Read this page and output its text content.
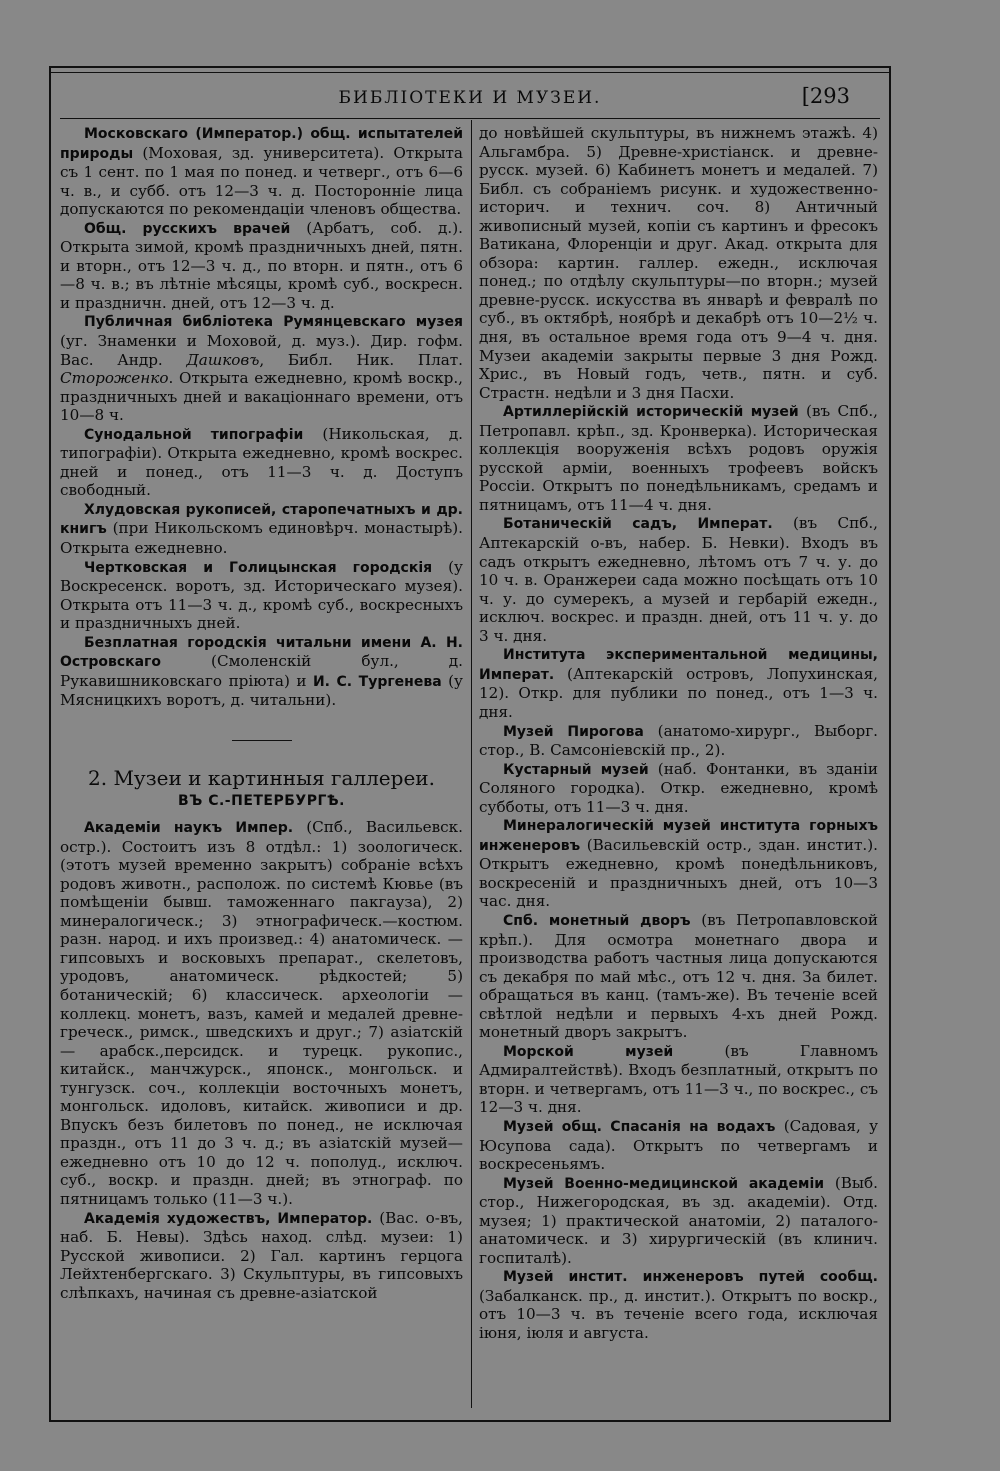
БИБЛІОТЕКИ И МУЗЕИ.	[293

Московскаго (Император.) общ. испытателей природы (Моховая, зд. университета). Открыта съ 1 сент. по 1 мая по понед. и четверг., отъ 6—6 ч. в., и субб. отъ 12—3 ч. д. Посторонніе лица допускаются по рекомендаціи членовъ общества.

Общ. русскихъ врачей (Арбатъ, соб. д.). Открыта зимой, кромѣ праздничныхъ дней, пятн. и вторн., отъ 12—3 ч. д., по вторн. и пятн., отъ 6—8 ч. в.; въ лѣтніе мѣсяцы, кромѣ суб., воскресн. и праздничн. дней, отъ 12—3 ч. д.

Публичная библіотека Румянцевскаго музея (уг. Знаменки и Моховой, д. муз.). Дир. гофм. Вас. Андр. Дашковъ, Библ. Ник. Плат. Стороженко. Открыта ежедневно, кромѣ воскр., праздничныхъ дней и вакаціоннаго времени, отъ 10—8 ч.

Сунодальной типографіи (Никольская, д. типографіи). Открыта ежедневно, кромѣ воскрес. дней и понед., отъ 11—3 ч. д. Доступъ свободный.

Хлудовская рукописей, старопечатныхъ и др. книгъ (при Никольскомъ единовѣрч. монастырѣ). Открыта ежедневно.

Чертковская и Голицынская городскія (у Воскресенск. воротъ, зд. Историческаго музея). Открыта отъ 11—3 ч. д., кромѣ суб., воскресныхъ и праздничныхъ дней.

Безплатная городскія читальни имени А. Н. Островскаго (Смоленскій бул., д. Рукавишниковскаго пріюта) и И. С. Тургенева (у Мясницкихъ воротъ, д. читальни).

2. Музеи и картинныя галлереи.

ВЪ С.-ПЕТЕРБУРГѢ.

Академіи наукъ Импер. (Спб., Васильевск. остр.). Состоитъ изъ 8 отдѣл.: 1) зоологическ. (этотъ музей временно закрытъ) собраніе всѣхъ родовъ животн., располож. по системѣ Кювье (въ помѣщеніи бывш. таможеннаго пакгауза), 2) минералогическ.; 3) этнографическ.—костюм. разн. народ. и ихъ произвед.: 4) анатомическ. — гипсовыхъ и восковыхъ препарат., скелетовъ, уродовъ, анатомическ. рѣдкостей; 5) ботаническій; 6) классическ. археологіи — коллекц. монетъ, вазъ, камей и медалей древне-греческ., римск., шведскихъ и друг.; 7) азіатскій— арабск.,персидск. и турецк. рукопис., китайск., манчжурск., японск., монгольск. и тунгузск. соч., коллекціи восточныхъ монетъ, монгольск. идоловъ, китайск. живописи и др. Впускъ безъ билетовъ по понед., не исключая праздн., отъ 11 до 3 ч. д.; въ азіатскій музей—ежедневно отъ 10 до 12 ч. пополуд., исключ. суб., воскр. и праздн. дней; въ этнограф. по пятницамъ только (11—3 ч.).

Академія художествъ, Император. (Вас. о-въ, наб. Б. Невы). Здѣсь наход. слѣд. музеи: 1) Русской живописи. 2) Гал. картинъ герцога Лейхтенбергскаго. 3) Скульптуры, въ гипсовыхъ слѣпкахъ, начиная съ древне-азіатской

до новѣйшей скульптуры, въ нижнемъ этажѣ. 4) Альгамбра. 5) Древне-христіанск. и древне-русск. музей. 6) Кабинетъ монетъ и медалей. 7) Библ. съ собраніемъ рисунк. и художественно-историч. и технич. соч. 8) Античный живописный музей, копіи съ картинъ и фресокъ Ватикана, Флоренціи и друг. Акад. открыта для обзора: картин. галлер. ежедн., исключая понед.; по отдѣлу скульптуры—по вторн.; музей древне-русск. искусства въ январѣ и февралѣ по суб., въ октябрѣ, ноябрѣ и декабрѣ отъ 10—2½ ч. дня, въ остальное время года отъ 9—4 ч. дня. Музеи академіи закрыты первые 3 дня Рожд. Хрис., въ Новый годъ, четв., пятн. и суб. Страстн. недѣли и 3 дня Пасхи.

Артиллерійскій историческій музей (въ Спб., Петропавл. крѣп., зд. Кронверка). Историческая коллекція вооруженія всѣхъ родовъ оружія русской арміи, военныхъ трофеевъ войскъ Россіи. Открытъ по понедѣльникамъ, средамъ и пятницамъ, отъ 11—4 ч. дня.

Ботаническій садъ, Императ. (въ Спб., Аптекарскій о-въ, набер. Б. Невки). Входъ въ садъ открытъ ежедневно, лѣтомъ отъ 7 ч. у. до 10 ч. в. Оранжереи сада можно посѣщать отъ 10 ч. у. до сумерекъ, а музей и гербарій ежедн., исключ. воскрес. и праздн. дней, отъ 11 ч. у. до 3 ч. дня.

Института экспериментальной медицины, Императ. (Аптекарскій островъ, Лопухинская, 12). Откр. для публики по понед., отъ 1—3 ч. дня.

Музей Пирогова (анатомо-хирург., Выборг. стор., В. Самсоніевскій пр., 2).

Кустарный музей (наб. Фонтанки, въ зданіи Соляного городка). Откр. ежедневно, кромѣ субботы, отъ 11—3 ч. дня.

Минералогическій музей института горныхъ инженеровъ (Васильевскій остр., здан. инстит.). Открытъ ежедневно, кромѣ понедѣльниковъ, воскресеній и праздничныхъ дней, отъ 10—3 час. дня.

Спб. монетный дворъ (въ Петропавловской крѣп.). Для осмотра монетнаго двора и производства работъ частныя лица допускаются съ декабря по май мѣс., отъ 12 ч. дня. За билет. обращаться въ канц. (тамъ-же). Въ теченіе всей свѣтлой недѣли и первыхъ 4-хъ дней Рожд. монетный дворъ закрытъ.

Морской музей (въ Главномъ Адмиралтействѣ). Входъ безплатный, открытъ по вторн. и четвергамъ, отъ 11—3 ч., по воскрес., съ 12—3 ч. дня.

Музей общ. Спасанія на водахъ (Садовая, у Юсупова сада). Открытъ по четвергамъ и воскресеньямъ.

Музей Военно-медицинской академіи (Выб. стор., Нижегородская, въ зд. академіи). Отд. музея; 1) практической анатоміи, 2) паталого-анатомическ. и 3) хирургическій (въ клинич. госпиталѣ).

Музей инстит. инженеровъ путей сообщ. (Забалканск. пр., д. инстит.). Открытъ по воскр., отъ 10—3 ч. въ теченіе всего года, исключая іюня, іюля и августа.
